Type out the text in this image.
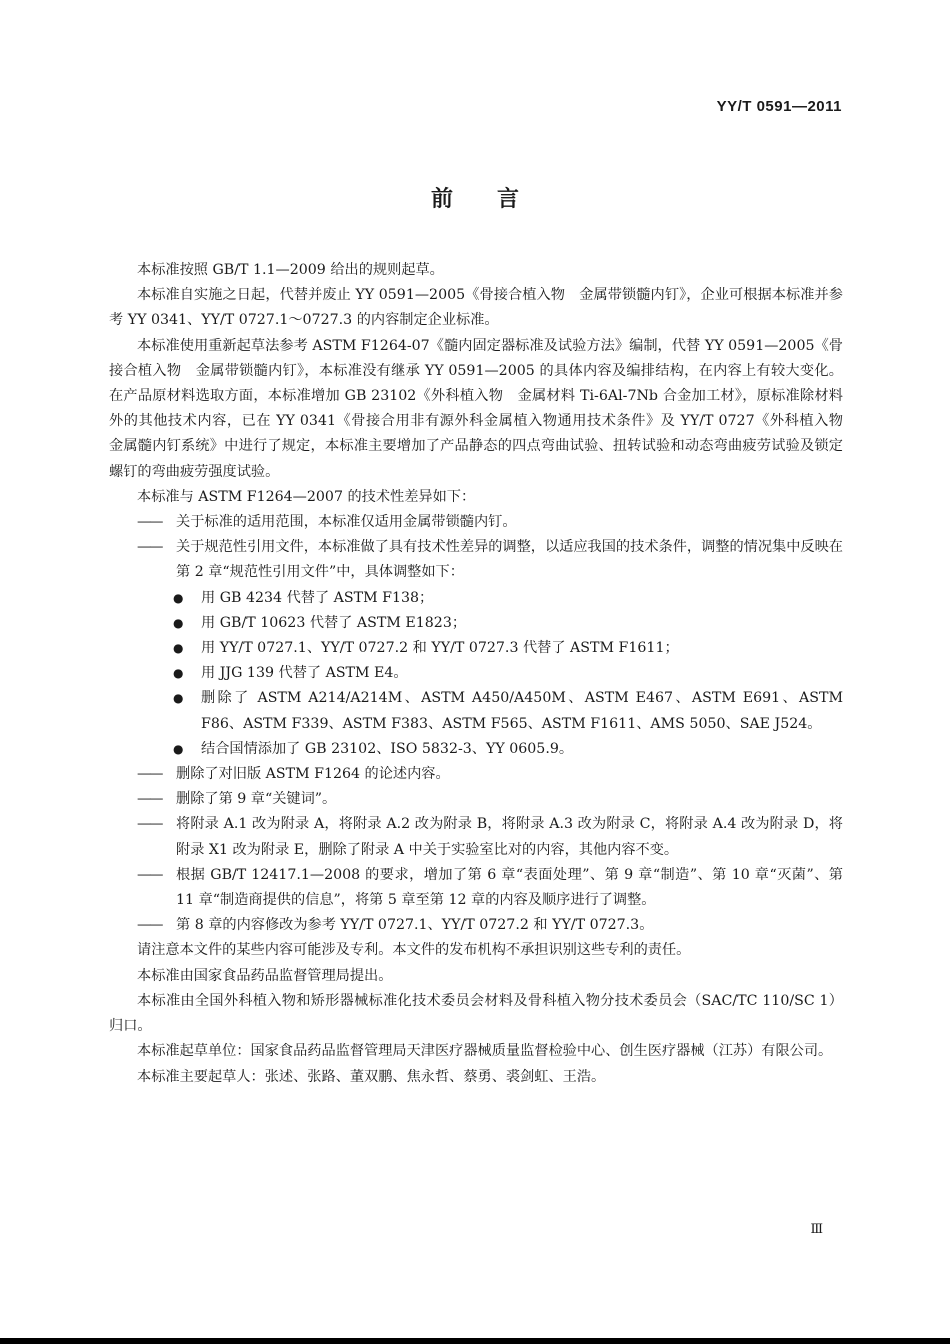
YY/T 0591—2011
前言

本标准按照 GB/T 1.1—2009 给出的规则起草。

本标准自实施之日起，代替并废止 YY 0591—2005《骨接合植入物　金属带锁髓内钉》，企业可根据本标准并参考 YY 0341、YY/T 0727.1～0727.3 的内容制定企业标准。

本标准使用重新起草法参考 ASTM F1264-07《髓内固定器标准及试验方法》编制，代替 YY 0591—2005《骨接合植入物　金属带锁髓内钉》，本标准没有继承 YY 0591—2005 的具体内容及编排结构，在内容上有较大变化。在产品原材料选取方面，本标准增加 GB 23102《外科植入物　金属材料 Ti-6Al-7Nb 合金加工材》，原标准除材料外的其他技术内容，已在 YY 0341《骨接合用非有源外科金属植入物通用技术条件》及 YY/T 0727《外科植入物　金属髓内钉系统》中进行了规定，本标准主要增加了产品静态的四点弯曲试验、扭转试验和动态弯曲疲劳试验及锁定螺钉的弯曲疲劳强度试验。

本标准与 ASTM F1264—2007 的技术性差异如下：

——	关于标准的适用范围，本标准仅适用金属带锁髓内钉。
——	关于规范性引用文件，本标准做了具有技术性差异的调整，以适应我国的技术条件，调整的情况集中反映在第 2 章“规范性引用文件”中，具体调整如下：
●	用 GB 4234 代替了 ASTM F138；
●	用 GB/T 10623 代替了 ASTM E1823；
●	用 YY/T 0727.1、YY/T 0727.2 和 YY/T 0727.3 代替了 ASTM F1611；
●	用 JJG 139 代替了 ASTM E4。
●	删除了 ASTM A214/A214M、ASTM A450/A450M、ASTM E467、ASTM E691、ASTM F86、ASTM F339、ASTM F383、ASTM F565、ASTM F1611、AMS 5050、SAE J524。
●	结合国情添加了 GB 23102、ISO 5832-3、YY 0605.9。
——	删除了对旧版 ASTM F1264 的论述内容。
——	删除了第 9 章“关键词”。
——	将附录 A.1 改为附录 A，将附录 A.2 改为附录 B，将附录 A.3 改为附录 C，将附录 A.4 改为附录 D，将附录 X1 改为附录 E，删除了附录 A 中关于实验室比对的内容，其他内容不变。
——	根据 GB/T 12417.1—2008 的要求，增加了第 6 章“表面处理”、第 9 章“制造”、第 10 章“灭菌”、第 11 章“制造商提供的信息”，将第 5 章至第 12 章的内容及顺序进行了调整。
——	第 8 章的内容修改为参考 YY/T 0727.1、YY/T 0727.2 和 YY/T 0727.3。

请注意本文件的某些内容可能涉及专利。本文件的发布机构不承担识别这些专利的责任。

本标准由国家食品药品监督管理局提出。

本标准由全国外科植入物和矫形器械标准化技术委员会材料及骨科植入物分技术委员会（SAC/TC 110/SC 1）归口。

本标准起草单位：国家食品药品监督管理局天津医疗器械质量监督检验中心、创生医疗器械（江苏）有限公司。

本标准主要起草人：张述、张路、董双鹏、焦永哲、蔡勇、裘剑虹、王浩。

Ⅲ
